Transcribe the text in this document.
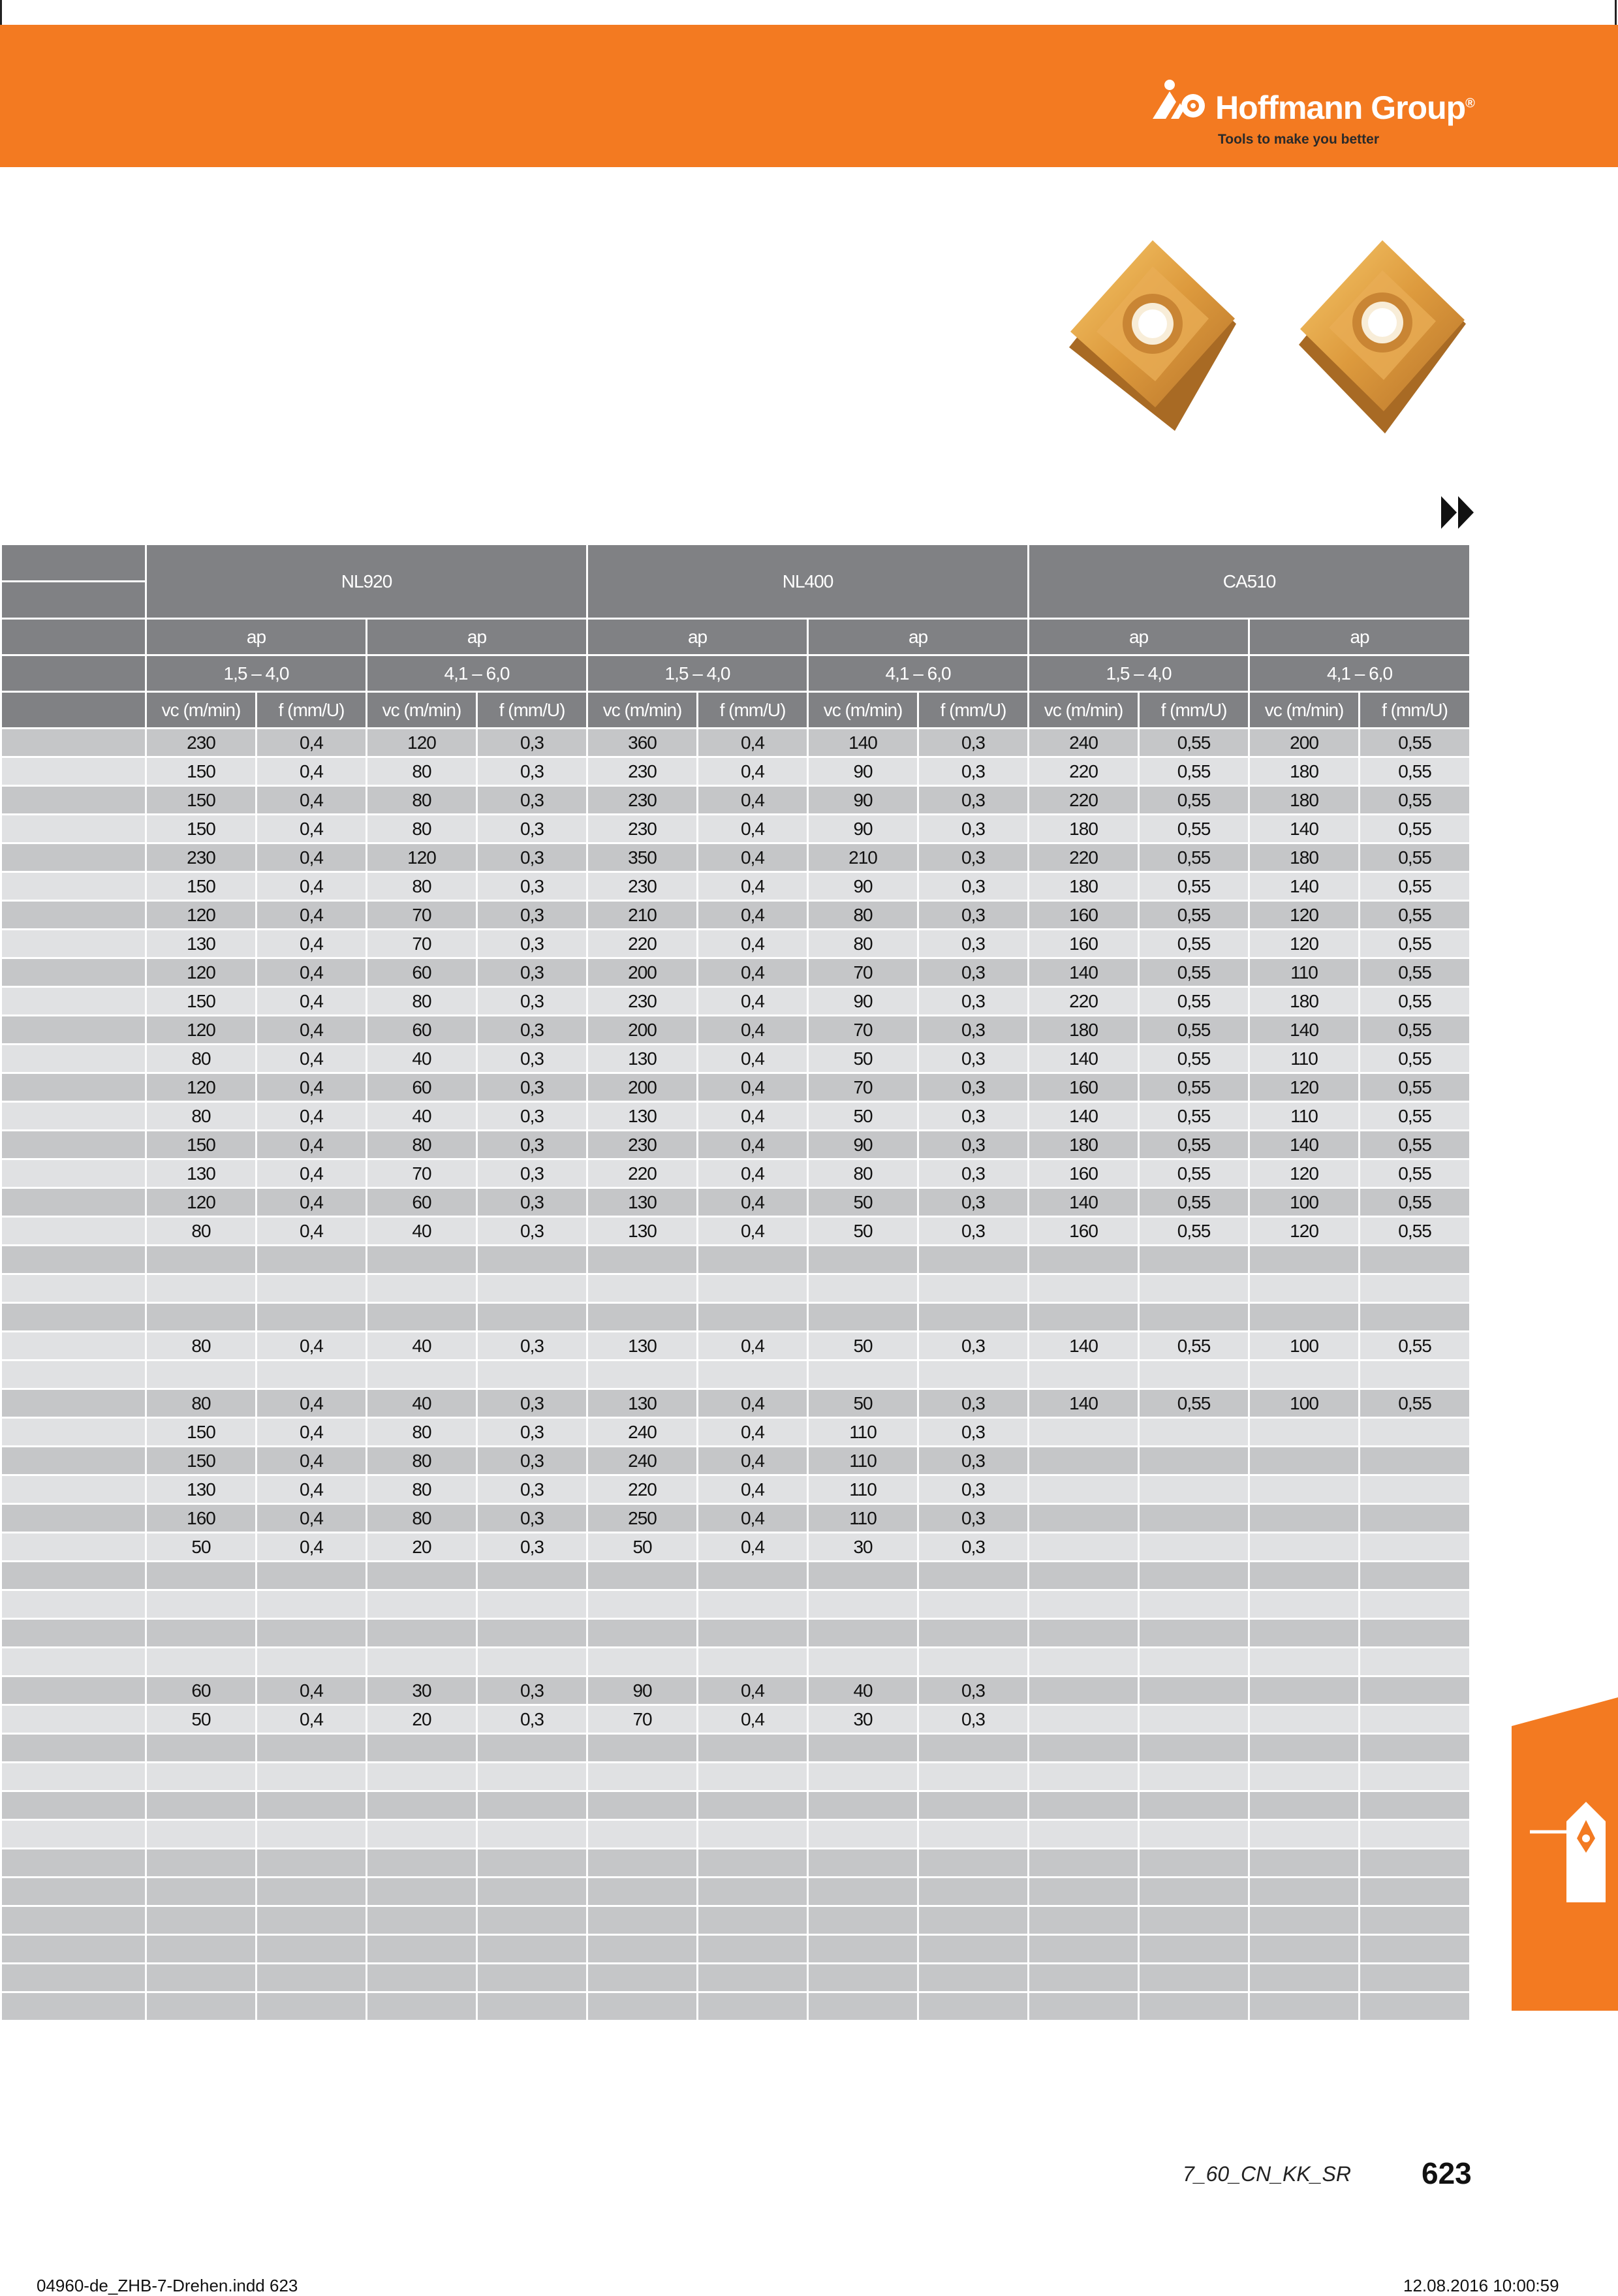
Hoffmann Group®
Tools to make you better
	NL920				NL400				CA510			

	ap		ap		ap		ap		ap		ap	
	1,5 – 4,0		4,1 – 6,0		1,5 – 4,0		4,1 – 6,0		1,5 – 4,0		4,1 – 6,0	
	vc (m/min)	f (mm/U)	vc (m/min)	f (mm/U)	vc (m/min)	f (mm/U)	vc (m/min)	f (mm/U)	vc (m/min)	f (mm/U)	vc (m/min)	f (mm/U)
	230	0,4	120	0,3	360	0,4	140	0,3	240	0,55	200	0,55
	150	0,4	80	0,3	230	0,4	90	0,3	220	0,55	180	0,55
	150	0,4	80	0,3	230	0,4	90	0,3	220	0,55	180	0,55
	150	0,4	80	0,3	230	0,4	90	0,3	180	0,55	140	0,55
	230	0,4	120	0,3	350	0,4	210	0,3	220	0,55	180	0,55
	150	0,4	80	0,3	230	0,4	90	0,3	180	0,55	140	0,55
	120	0,4	70	0,3	210	0,4	80	0,3	160	0,55	120	0,55
	130	0,4	70	0,3	220	0,4	80	0,3	160	0,55	120	0,55
	120	0,4	60	0,3	200	0,4	70	0,3	140	0,55	110	0,55
	150	0,4	80	0,3	230	0,4	90	0,3	220	0,55	180	0,55
	120	0,4	60	0,3	200	0,4	70	0,3	180	0,55	140	0,55
	80	0,4	40	0,3	130	0,4	50	0,3	140	0,55	110	0,55
	120	0,4	60	0,3	200	0,4	70	0,3	160	0,55	120	0,55
	80	0,4	40	0,3	130	0,4	50	0,3	140	0,55	110	0,55
	150	0,4	80	0,3	230	0,4	90	0,3	180	0,55	140	0,55
	130	0,4	70	0,3	220	0,4	80	0,3	160	0,55	120	0,55
	120	0,4	60	0,3	130	0,4	50	0,3	140	0,55	100	0,55
	80	0,4	40	0,3	130	0,4	50	0,3	160	0,55	120	0,55

	80	0,4	40	0,3	130	0,4	50	0,3	140	0,55	100	0,55

	80	0,4	40	0,3	130	0,4	50	0,3	140	0,55	100	0,55
	150	0,4	80	0,3	240	0,4	110	0,3				
	150	0,4	80	0,3	240	0,4	110	0,3				
	130	0,4	80	0,3	220	0,4	110	0,3				
	160	0,4	80	0,3	250	0,4	110	0,3				
	50	0,4	20	0,3	50	0,4	30	0,3				

	60	0,4	30	0,3	90	0,4	40	0,3				
	50	0,4	20	0,3	70	0,4	30	0,3				

7_60_CN_KK_SR 623
04960-de_ZHB-7-Drehen.indd 623	12.08.2016 10:00:59
